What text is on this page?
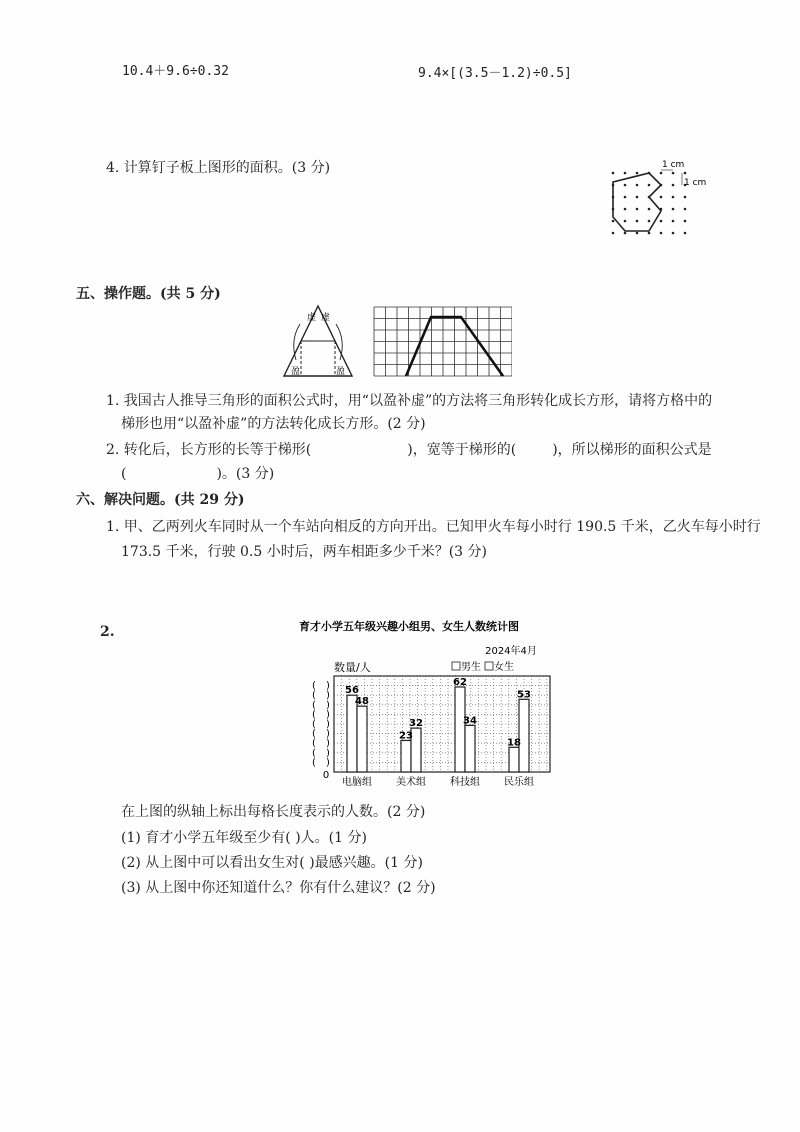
10.4＋9.6÷0.32	9.4×[(3.5－1.2)÷0.5]
4. 计算钉子板上图形的面积。(3 分)	1 cm
1 cm
五、操作题。(共 5 分)
虚 虚
盈	盈
1. 我国古人推导三角形的面积公式时，用“以盈补虚”的方法将三角形转化成长方形，请将方格中的
梯形也用“以盈补虚”的方法转化成长方形。(2 分)
2. 转化后，长方形的长等于梯形(	)，宽等于梯形的(	)，所以梯形的面积公式是
(	)。(3 分)
六、解决问题。(共 29 分)
1. 甲、乙两列火车同时从一个车站向相反的方向开出。已知甲火车每小时行 190.5 千米，乙火车每小时行
173.5 千米，行驶 0.5 小时后，两车相距多少千米？(3 分)
2.	育才小学五年级兴趣小组男、女生人数统计图
2024年4月
数量/人	男生 女生
( )
( )
( )
( )
( )
( )
( )
( )
( ) 56
48
23
32
62
34
18
53
电脑组 美术组 科技组 民乐组
0
在上图的纵轴上标出每格长度表示的人数。(2 分)
(1) 育才小学五年级至少有( )人。(1 分)
(2) 从上图中可以看出女生对( )最感兴趣。(1 分)
(3) 从上图中你还知道什么？你有什么建议？(2 分)
